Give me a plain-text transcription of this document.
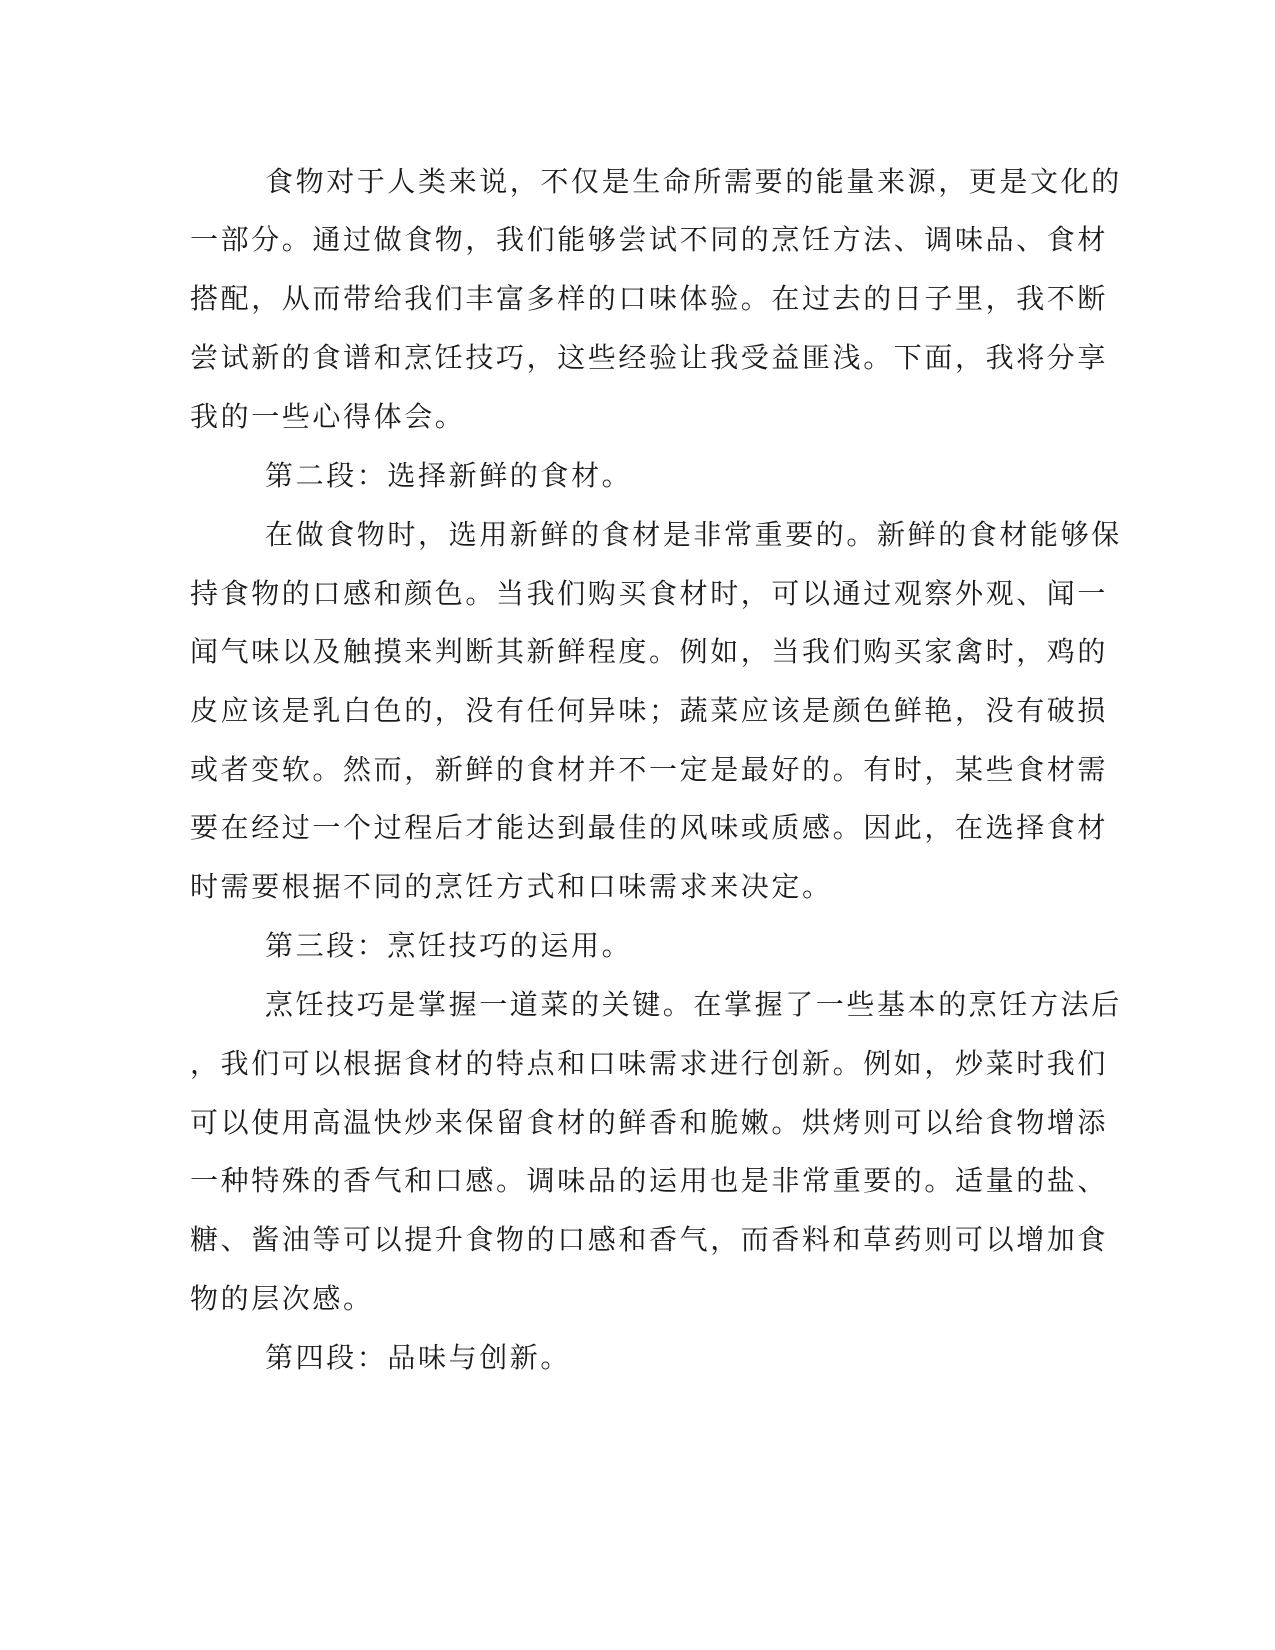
食物对于人类来说，不仅是生命所需要的能量来源，更是文化的
一部分。通过做食物，我们能够尝试不同的烹饪方法、调味品、食材
搭配，从而带给我们丰富多样的口味体验。在过去的日子里，我不断
尝试新的食谱和烹饪技巧，这些经验让我受益匪浅。下面，我将分享
我的一些心得体会。
第二段：选择新鲜的食材。
在做食物时，选用新鲜的食材是非常重要的。新鲜的食材能够保
持食物的口感和颜色。当我们购买食材时，可以通过观察外观、闻一
闻气味以及触摸来判断其新鲜程度。例如，当我们购买家禽时，鸡的
皮应该是乳白色的，没有任何异味；蔬菜应该是颜色鲜艳，没有破损
或者变软。然而，新鲜的食材并不一定是最好的。有时，某些食材需
要在经过一个过程后才能达到最佳的风味或质感。因此，在选择食材
时需要根据不同的烹饪方式和口味需求来决定。
第三段：烹饪技巧的运用。
烹饪技巧是掌握一道菜的关键。在掌握了一些基本的烹饪方法后
，我们可以根据食材的特点和口味需求进行创新。例如，炒菜时我们
可以使用高温快炒来保留食材的鲜香和脆嫩。烘烤则可以给食物增添
一种特殊的香气和口感。调味品的运用也是非常重要的。适量的盐、
糖、酱油等可以提升食物的口感和香气，而香料和草药则可以增加食
物的层次感。
第四段：品味与创新。
